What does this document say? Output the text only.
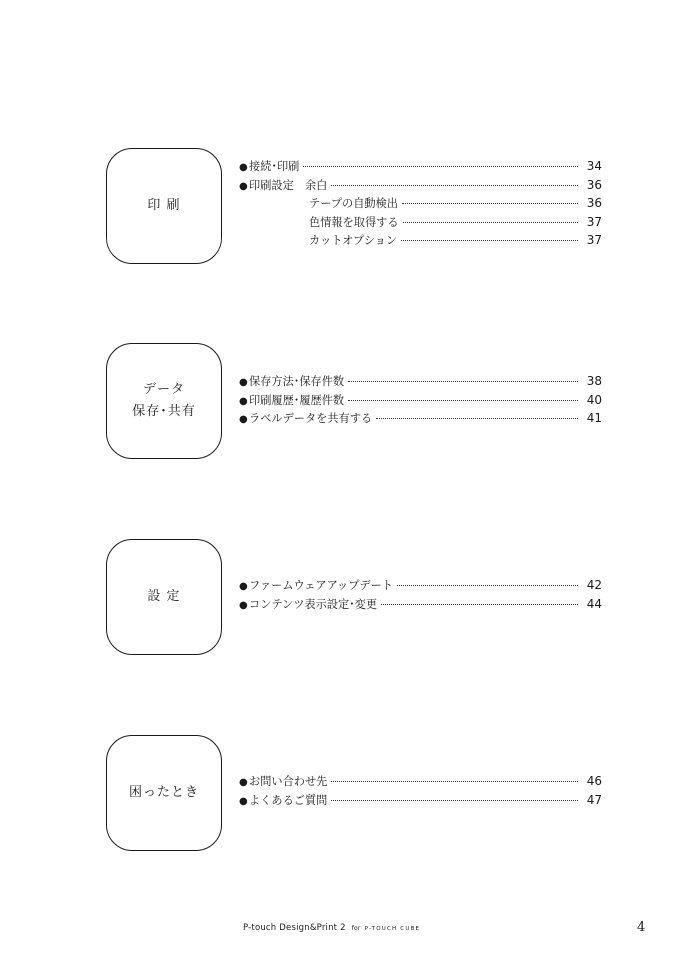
印 刷
● 接続･印刷	34
● 印刷設定　余白	36
テープの自動検出	36
色情報を取得する	37
カットオプション	37
データ
保存･共有
● 保存方法･保存件数	38
● 印刷履歴･履歴件数	40
● ラベルデータを共有する	41
設 定
● ファームウェアアップデート	42
● コンテンツ表示設定･変更	44
困ったとき
● お問い合わせ先	46
● よくあるご質問	47
P-touch Design&Print 2 for P-TOUCH CUBE	4
